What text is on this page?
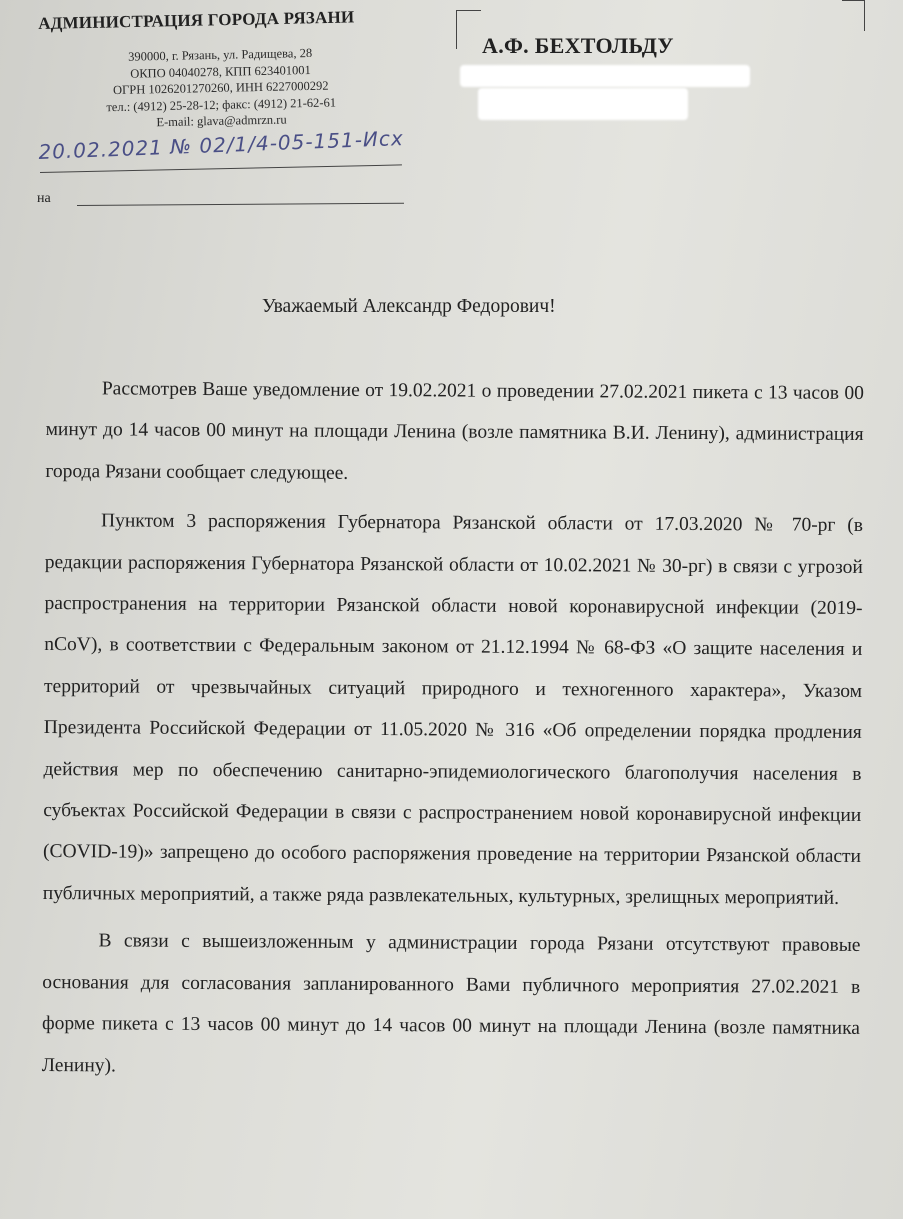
АДМИНИСТРАЦИЯ ГОРОДА РЯЗАНИ
390000, г. Рязань, ул. Радищева, 28
ОКПО 04040278, КПП 623401001
ОГРН 1026201270260, ИНН 6227000292
тел.: (4912) 25-28-12; факс: (4912) 21-62-61
E-mail: glava@admrzn.ru
20.02.2021 № 02/1/4-05-151-Исх
на
А.Ф. БЕХТОЛЬДУ
Уважаемый Александр Федорович!

Рассмотрев Ваше уведомление от 19.02.2021 о проведении 27.02.2021 пикета с 13 часов 00 минут до 14 часов 00 минут на площади Ленина (возле памятника В.И. Ленину), администрация города Рязани сообщает следующее.

Пунктом 3 распоряжения Губернатора Рязанской области от 17.03.2020 № 70-рг (в редакции распоряжения Губернатора Рязанской области от 10.02.2021 № 30-рг) в связи с угрозой распространения на территории Рязанской области новой коронавирусной инфекции (2019-nCoV), в соответствии с Федеральным законом от 21.12.1994 № 68-ФЗ «О защите населения и территорий от чрезвычайных ситуаций природного и техногенного характера», Указом Президента Российской Федерации от 11.05.2020 № 316 «Об определении порядка продления действия мер по обеспечению санитарно-эпидемиологического благополучия населения в субъектах Российской Федерации в связи с распространением новой коронавирусной инфекции (COVID-19)» запрещено до особого распоряжения проведение на территории Рязанской области публичных мероприятий, а также ряда развлекательных, культурных, зрелищных мероприятий.

В связи с вышеизложенным у администрации города Рязани отсутствуют правовые основания для согласования запланированного Вами публичного мероприятия 27.02.2021 в форме пикета с 13 часов 00 минут до 14 часов 00 минут на площади Ленина (возле памятника Ленину).
